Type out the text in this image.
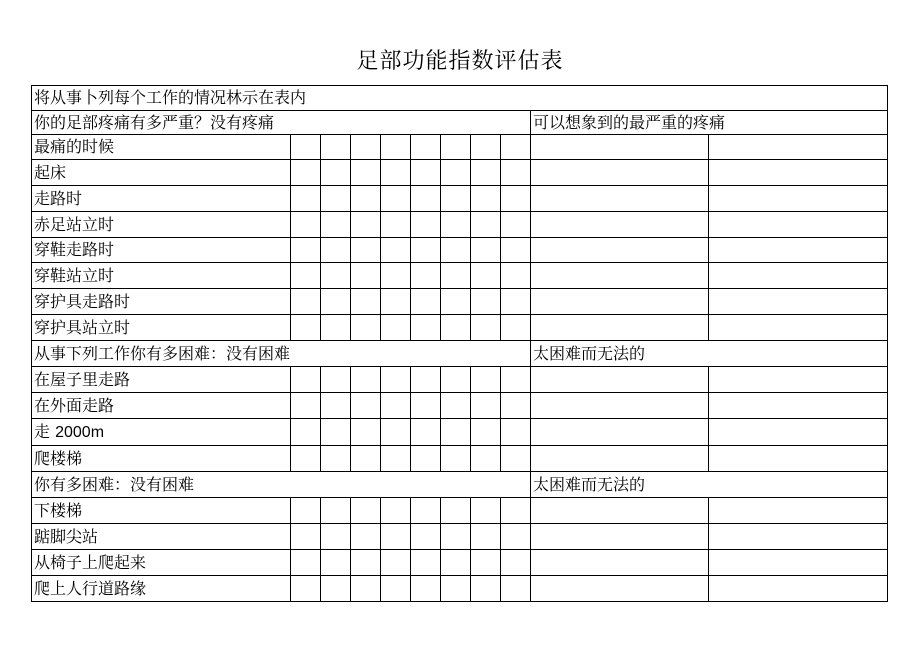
足部功能指数评估表
将从事卜列每个工作的情况林示在表内										
你的足部疼痛有多严重？没有疼痛									可以想象到的最严重的疼痛	
最痛的时候										
起床										
走路时										
赤足站立时										
穿鞋走路时										
穿鞋站立时										
穿护具走路时										
穿护具站立时										
从事下列工作你有多困难：没有困难									太困难而无法的	
在屋子里走路										
在外面走路										
走 2000m										
爬楼梯										
你有多困难：没有困难									太困难而无法的	
下楼梯										
踮脚尖站										
从椅子上爬起来										
爬上人行道路缘										
